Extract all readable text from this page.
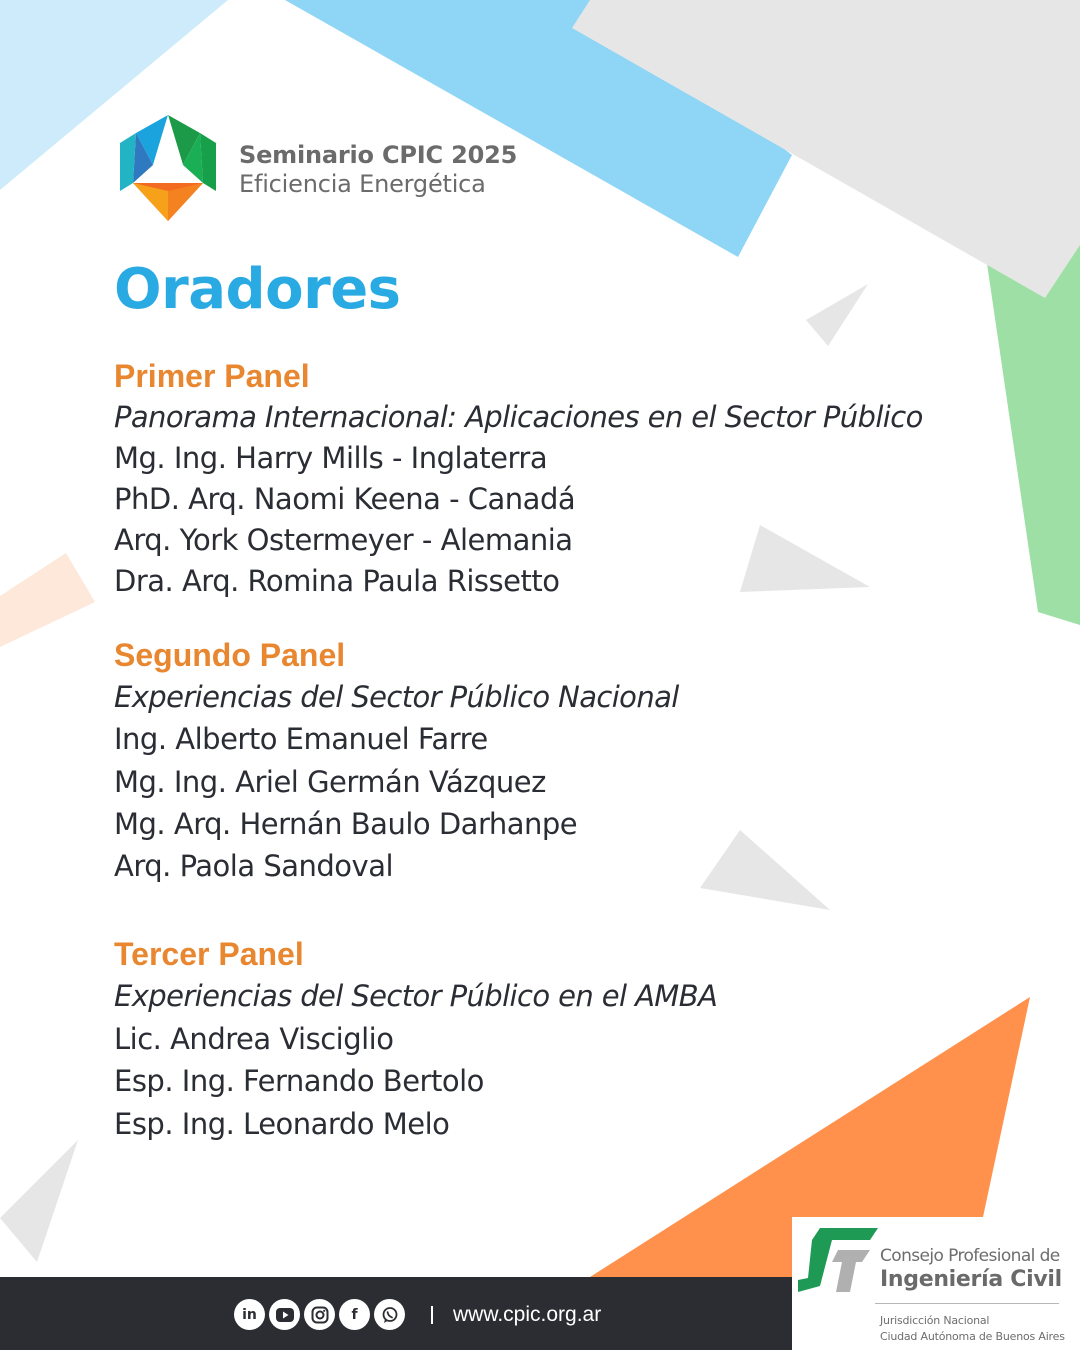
Seminario CPIC 2025
Eficiencia Energética
Oradores
Primer Panel
Panorama Internacional: Aplicaciones en el Sector Público
Mg. Ing. Harry Mills - Inglaterra
PhD. Arq. Naomi Keena - Canadá
Arq. York Ostermeyer - Alemania
Dra. Arq. Romina Paula Rissetto
Segundo Panel
Experiencias del Sector Público Nacional
Ing. Alberto Emanuel Farre
Mg. Ing. Ariel Germán Vázquez
Mg. Arq. Hernán Baulo Darhanpe
Arq. Paola Sandoval
Tercer Panel
Experiencias del Sector Público en el AMBA
Lic. Andrea Visciglio
Esp. Ing. Fernando Bertolo
Esp. Ing. Leonardo Melo
in	f	www.cpic.org.ar
Consejo Profesional de
Ingeniería Civil
Jurisdicción Nacional
Ciudad Autónoma de Buenos Aires
